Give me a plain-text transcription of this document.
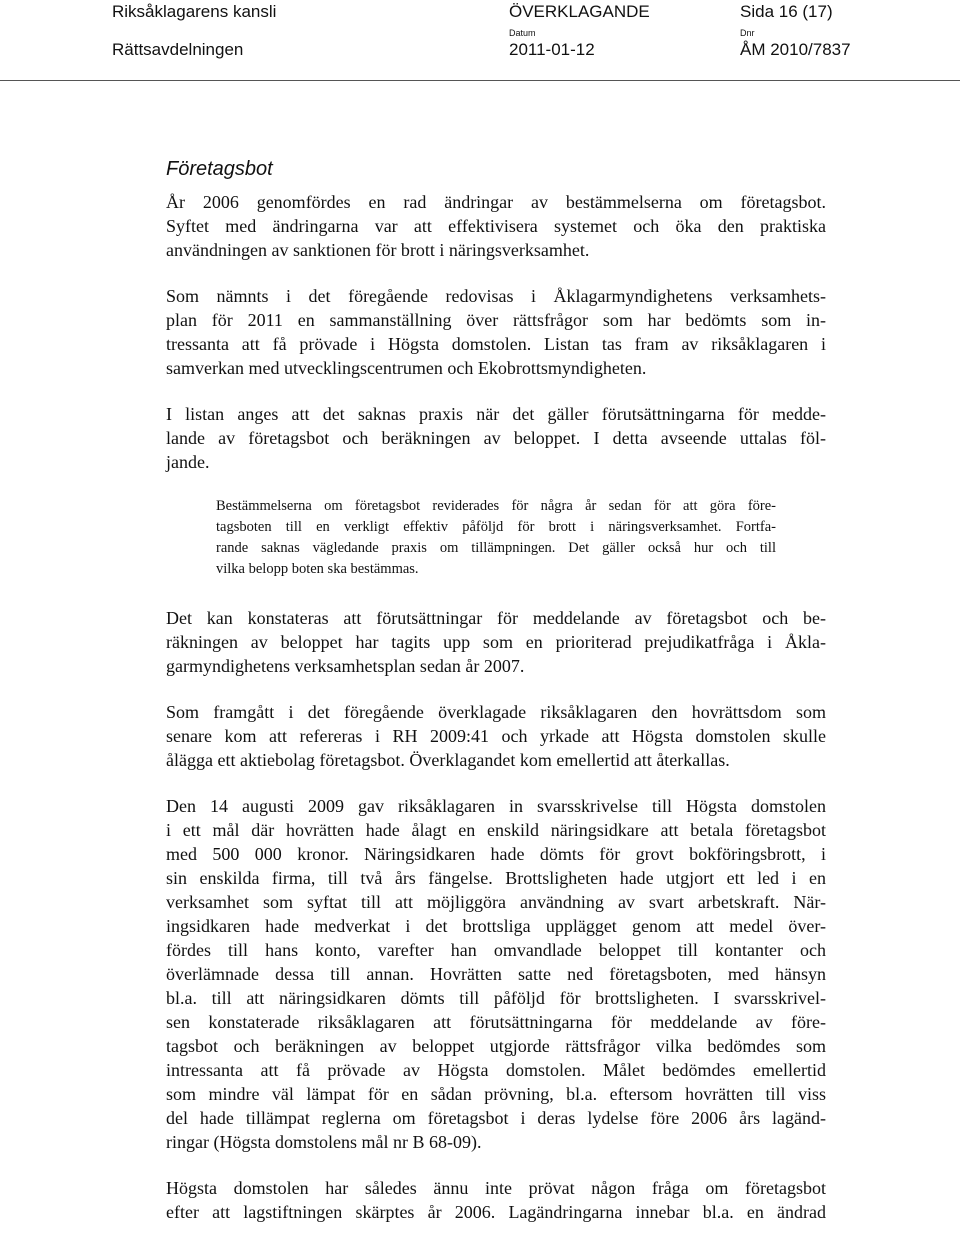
Riksåklagarens kansli
Rättsavdelningen
ÖVERKLAGANDE
Datum
2011-01-12
Dnr
ÅM 2010/7837
Sida 16 (17)
Företagsbot

År 2006 genomfördes en rad ändringar av bestämmelserna om företagsbot.
Syftet med ändringarna var att effektivisera systemet och öka den praktiska
användningen av sanktionen för brott i näringsverksamhet.

Som nämnts i det föregående redovisas i Åklagarmyndighetens verksamhets-
plan för 2011 en sammanställning över rättsfrågor som har bedömts som in-
tressanta att få prövade i Högsta domstolen. Listan tas fram av riksåklagaren i
samverkan med utvecklingscentrumen och Ekobrottsmyndigheten.

I listan anges att det saknas praxis när det gäller förutsättningarna för medde-
lande av företagsbot och beräkningen av beloppet. I detta avseende uttalas föl-
jande.

Bestämmelserna om företagsbot reviderades för några år sedan för att göra före-
tagsboten till en verkligt effektiv påföljd för brott i näringsverksamhet. Fortfa-
rande saknas vägledande praxis om tillämpningen. Det gäller också hur och till
vilka belopp boten ska bestämmas.

Det kan konstateras att förutsättningar för meddelande av företagsbot och be-
räkningen av beloppet har tagits upp som en prioriterad prejudikatfråga i Åkla-
garmyndighetens verksamhetsplan sedan år 2007.

Som framgått i det föregående överklagade riksåklagaren den hovrättsdom som
senare kom att refereras i RH 2009:41 och yrkade att Högsta domstolen skulle
ålägga ett aktiebolag företagsbot. Överklagandet kom emellertid att återkallas.

Den 14 augusti 2009 gav riksåklagaren in svarsskrivelse till Högsta domstolen
i ett mål där hovrätten hade ålagt en enskild näringsidkare att betala företagsbot
med 500 000 kronor. Näringsidkaren hade dömts för grovt bokföringsbrott, i
sin enskilda firma, till två års fängelse. Brottsligheten hade utgjort ett led i en
verksamhet som syftat till att möjliggöra användning av svart arbetskraft. När-
ingsidkaren hade medverkat i det brottsliga upplägget genom att medel över-
fördes till hans konto, varefter han omvandlade beloppet till kontanter och
överlämnade dessa till annan. Hovrätten satte ned företagsboten, med hänsyn
bl.a. till att näringsidkaren dömts till påföljd för brottsligheten. I svarsskrivel-
sen konstaterade riksåklagaren att förutsättningarna för meddelande av före-
tagsbot och beräkningen av beloppet utgjorde rättsfrågor vilka bedömdes som
intressanta att få prövade av Högsta domstolen. Målet bedömdes emellertid
som mindre väl lämpat för en sådan prövning, bl.a. eftersom hovrätten till viss
del hade tillämpat reglerna om företagsbot i deras lydelse före 2006 års lagänd-
ringar (Högsta domstolens mål nr B 68-09).

Högsta domstolen har således ännu inte prövat någon fråga om företagsbot
efter att lagstiftningen skärptes år 2006. Lagändringarna innebar bl.a. en ändrad
